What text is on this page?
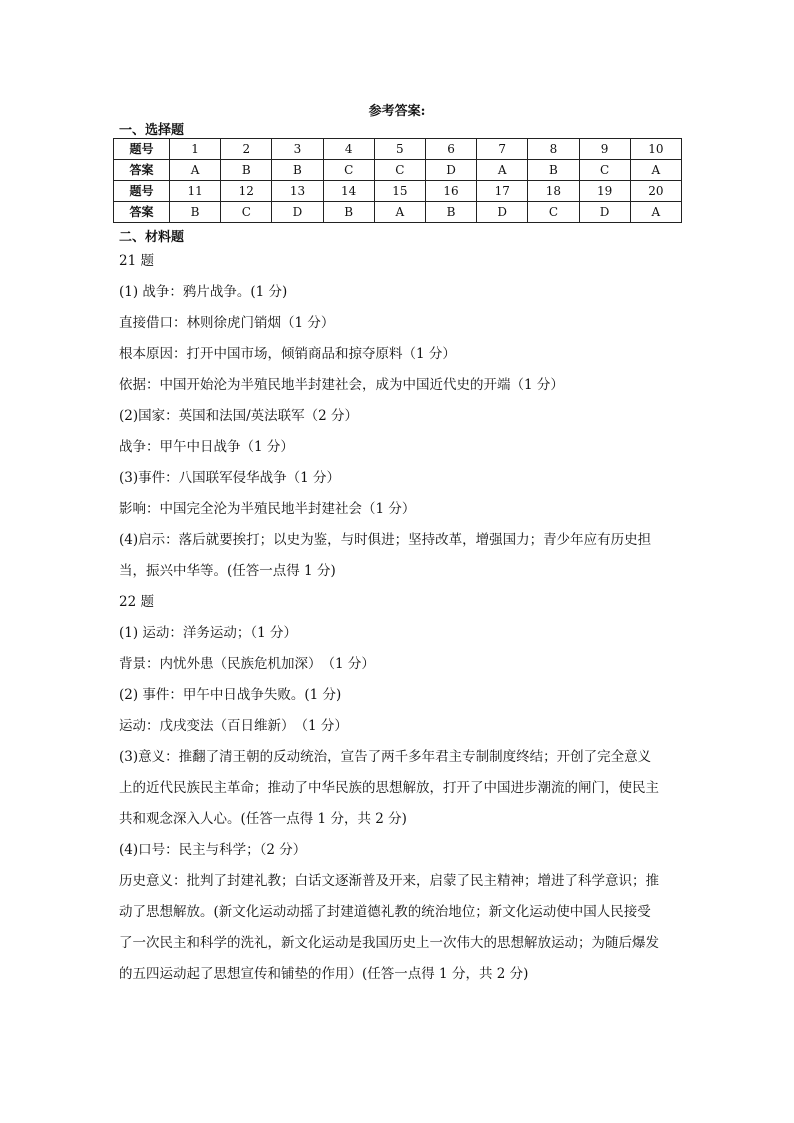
参考答案:
一、选择题
题号	1	2	3	4	5	6	7	8	9	10
答案	A	B	B	C	C	D	A	B	C	A
题号	11	12	13	14	15	16	17	18	19	20
答案	B	C	D	B	A	B	D	C	D	A
二、材料题
21 题
(1) 战争：鸦片战争。(1 分)
直接借口：林则徐虎门销烟（1 分）
根本原因：打开中国市场，倾销商品和掠夺原料（1 分）
依据：中国开始沦为半殖民地半封建社会，成为中国近代史的开端（1 分）
(2)国家：英国和法国/英法联军（2 分）
战争：甲午中日战争（1 分）
(3)事件：八国联军侵华战争（1 分）
影响：中国完全沦为半殖民地半封建社会（1 分）
(4)启示：落后就要挨打；以史为鉴，与时俱进；坚持改革，增强国力；青少年应有历史担
当，振兴中华等。(任答一点得 1 分)
22 题
(1) 运动：洋务运动；（1 分）
背景：内忧外患（民族危机加深）　（1 分）
(2) 事件：甲午中日战争失败。(1 分)
运动：戊戌变法（百日维新）　（1 分）
(3)意义：推翻了清王朝的反动统治，宣告了两千多年君主专制制度终结；开创了完全意义
上的近代民族民主革命；推动了中华民族的思想解放，打开了中国进步潮流的闸门，使民主
共和观念深入人心。(任答一点得 1 分，共 2 分)
(4)口号：民主与科学；（2 分）
历史意义：批判了封建礼教；白话文逐渐普及开来，启蒙了民主精神；增进了科学意识；推
动了思想解放。(新文化运动动摇了封建道德礼教的统治地位；新文化运动使中国人民接受
了一次民主和科学的洗礼，新文化运动是我国历史上一次伟大的思想解放运动；为随后爆发
的五四运动起了思想宣传和铺垫的作用）(任答一点得 1 分，共 2 分)
